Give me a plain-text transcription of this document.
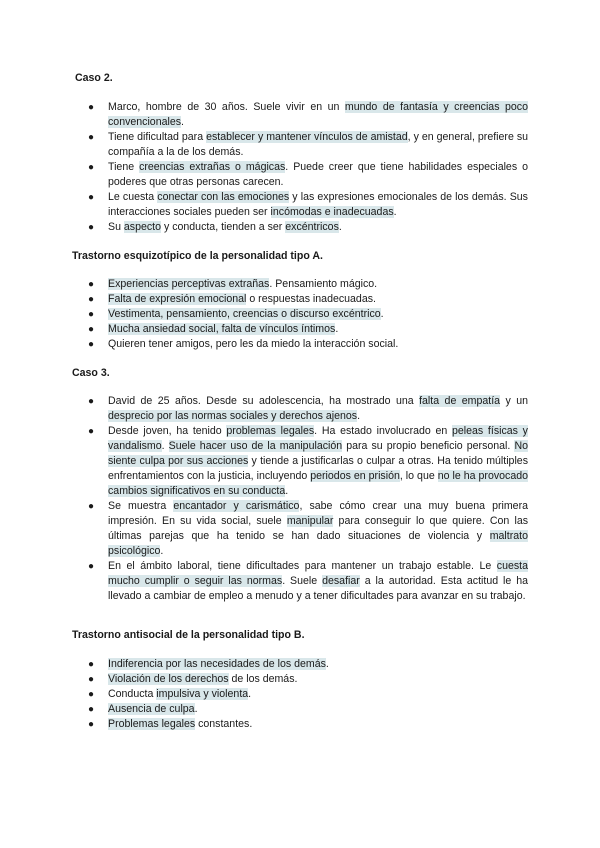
Caso 2.
● Marco, hombre de 30 años. Suele vivir en un mundo de fantasía y creencias poco convencionales.
● Tiene dificultad para establecer y mantener vínculos de amistad, y en general, prefiere su compañía a la de los demás.
● Tiene creencias extrañas o mágicas. Puede creer que tiene habilidades especiales o poderes que otras personas carecen.
● Le cuesta conectar con las emociones y las expresiones emocionales de los demás. Sus interacciones sociales pueden ser incómodas e inadecuadas.
● Su aspecto y conducta, tienden a ser excéntricos.
Trastorno esquizotípico de la personalidad tipo A.
● Experiencias perceptivas extrañas. Pensamiento mágico.
● Falta de expresión emocional o respuestas inadecuadas.
● Vestimenta, pensamiento, creencias o discurso excéntrico.
● Mucha ansiedad social, falta de vínculos íntimos.
● Quieren tener amigos, pero les da miedo la interacción social.
Caso 3.
● David de 25 años. Desde su adolescencia, ha mostrado una falta de empatía y un desprecio por las normas sociales y derechos ajenos.
● Desde joven, ha tenido problemas legales. Ha estado involucrado en peleas físicas y vandalismo. Suele hacer uso de la manipulación para su propio beneficio personal. No siente culpa por sus acciones y tiende a justificarlas o culpar a otras. Ha tenido múltiples enfrentamientos con la justicia, incluyendo periodos en prisión, lo que no le ha provocado cambios significativos en su conducta.
● Se muestra encantador y carismático, sabe cómo crear una muy buena primera impresión. En su vida social, suele manipular para conseguir lo que quiere. Con las últimas parejas que ha tenido se han dado situaciones de violencia y maltrato psicológico.
● En el ámbito laboral, tiene dificultades para mantener un trabajo estable. Le cuesta mucho cumplir o seguir las normas. Suele desafiar a la autoridad. Esta actitud le ha llevado a cambiar de empleo a menudo y a tener dificultades para avanzar en su trabajo.
Trastorno antisocial de la personalidad tipo B.
● Indiferencia por las necesidades de los demás.
● Violación de los derechos de los demás.
● Conducta impulsiva y violenta.
● Ausencia de culpa.
● Problemas legales constantes.
